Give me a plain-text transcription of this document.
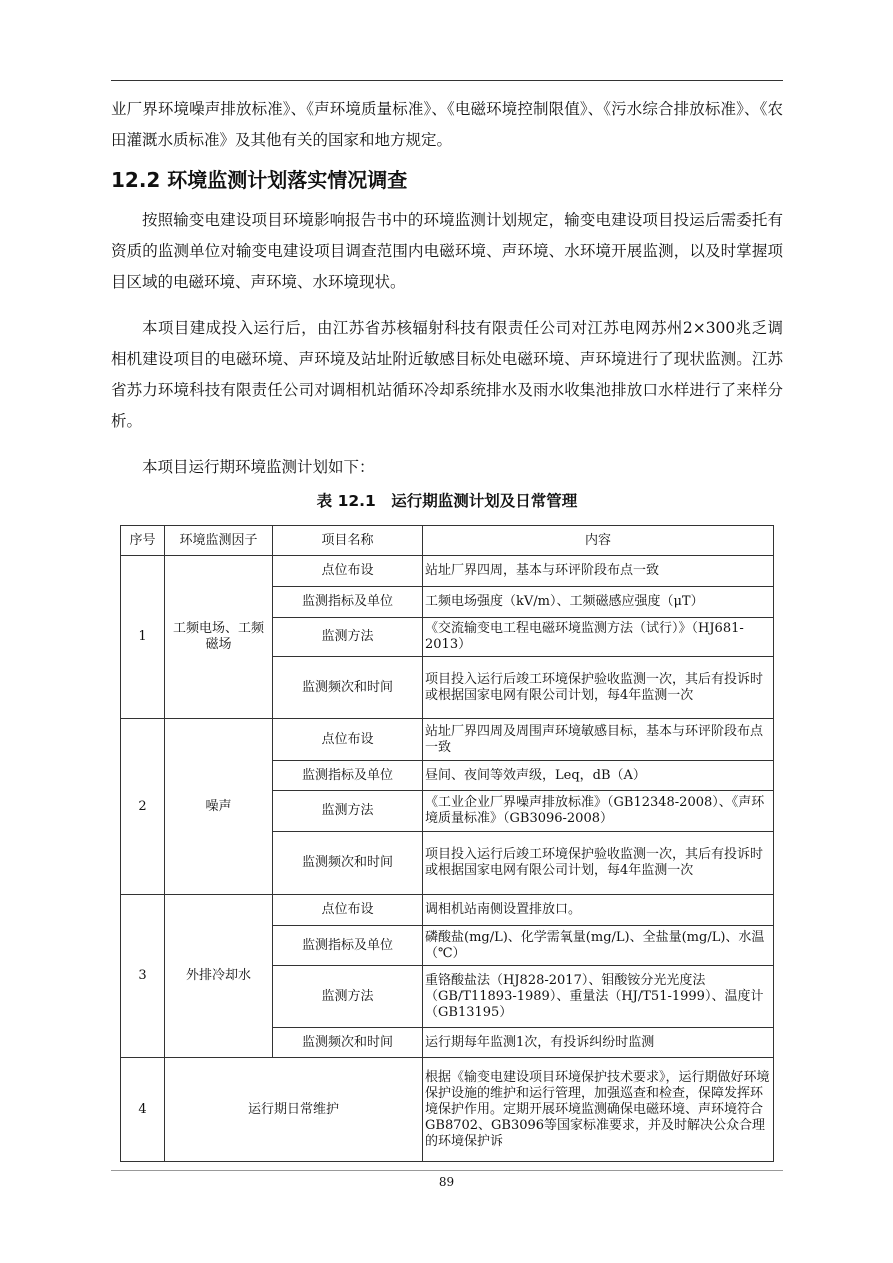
业厂界环境噪声排放标准》、《声环境质量标准》、《电磁环境控制限值》、《污水综合排放标准》、《农田灌溉水质标准》及其他有关的国家和地方规定。

12.2 环境监测计划落实情况调查

按照输变电建设项目环境影响报告书中的环境监测计划规定，输变电建设项目投运后需委托有资质的监测单位对输变电建设项目调查范围内电磁环境、声环境、水环境开展监测，以及时掌握项目区域的电磁环境、声环境、水环境现状。

本项目建成投入运行后，由江苏省苏核辐射科技有限责任公司对江苏电网苏州2×300兆乏调相机建设项目的电磁环境、声环境及站址附近敏感目标处电磁环境、声环境进行了现状监测。江苏省苏力环境科技有限责任公司对调相机站循环冷却系统排水及雨水收集池排放口水样进行了来样分析。

本项目运行期环境监测计划如下：

表 12.1　运行期监测计划及日常管理
序号	环境监测因子	项目名称	内容
1	工频电场、工频磁场	点位布设	站址厂界四周，基本与环评阶段布点一致
		监测指标及单位	工频电场强度（kV/m）、工频磁感应强度（μT）
		监测方法	《交流输变电工程电磁环境监测方法（试行）》（HJ681-2013）
		监测频次和时间	项目投入运行后竣工环境保护验收监测一次，其后有投诉时或根据国家电网有限公司计划，每4年监测一次
2	噪声	点位布设	站址厂界四周及周围声环境敏感目标，基本与环评阶段布点一致
		监测指标及单位	昼间、夜间等效声级，Leq，dB（A）
		监测方法	《工业企业厂界噪声排放标准》（GB12348-2008）、《声环境质量标准》（GB3096-2008）
		监测频次和时间	项目投入运行后竣工环境保护验收监测一次，其后有投诉时或根据国家电网有限公司计划，每4年监测一次
3	外排冷却水	点位布设	调相机站南侧设置排放口。
		监测指标及单位	磷酸盐(mg/L)、化学需氧量(mg/L)、全盐量(mg/L)、水温（℃）
		监测方法	重铬酸盐法（HJ828-2017）、钼酸铵分光光度法（GB/T11893-1989）、重量法（HJ/T51-1999）、温度计（GB13195）
		监测频次和时间	运行期每年监测1次，有投诉纠纷时监测
4	运行期日常维护		根据《输变电建设项目环境保护技术要求》，运行期做好环境保护设施的维护和运行管理，加强巡查和检查，保障发挥环境保护作用。定期开展环境监测确保电磁环境、声环境符合GB8702、GB3096等国家标准要求，并及时解决公众合理的环境保护诉
89
